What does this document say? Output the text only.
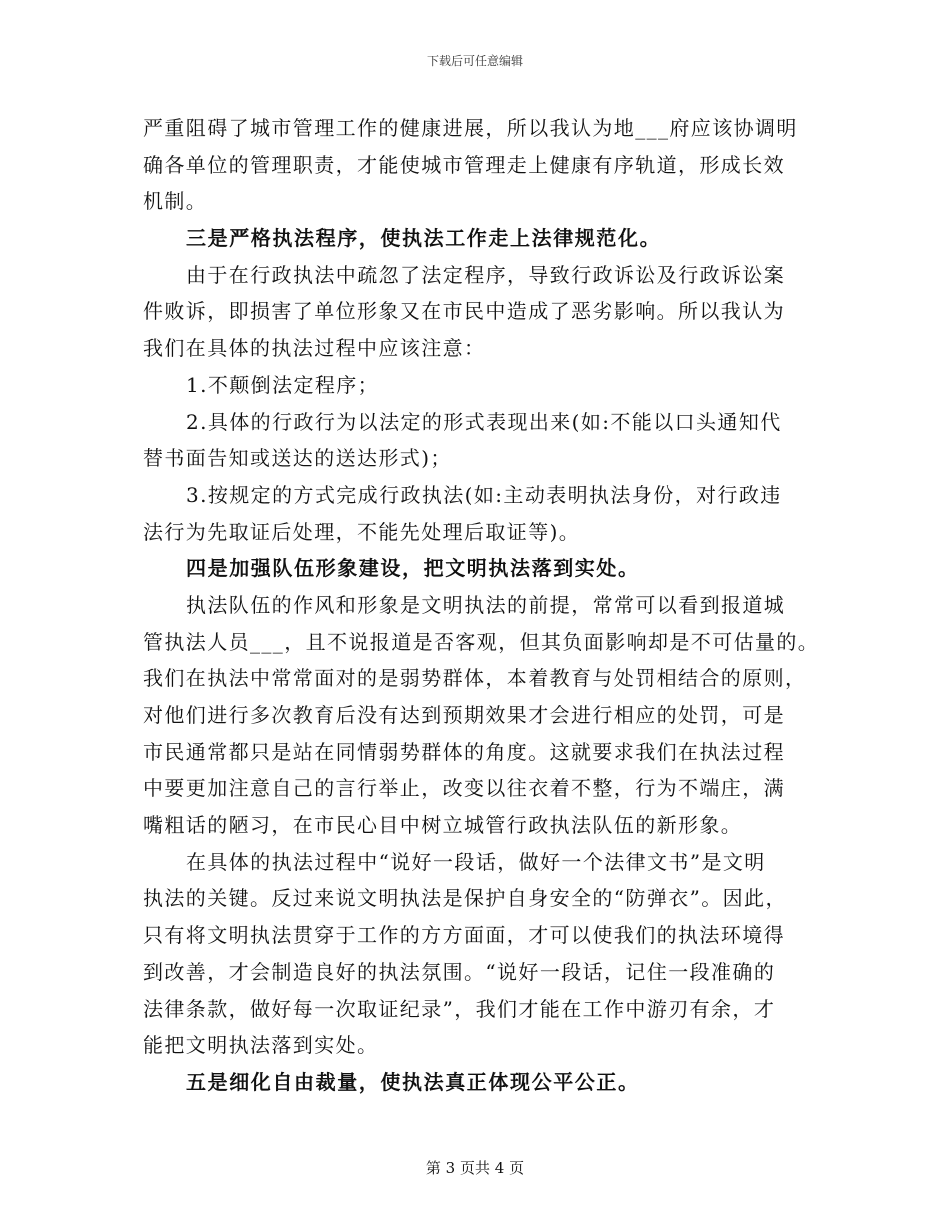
下载后可任意编辑
严重阻碍了城市管理工作的健康进展，所以我认为地___府应该协调明
确各单位的管理职责，才能使城市管理走上健康有序轨道，形成长效
机制。
三是严格执法程序，使执法工作走上法律规范化。
由于在行政执法中疏忽了法定程序，导致行政诉讼及行政诉讼案
件败诉，即损害了单位形象又在市民中造成了恶劣影响。所以我认为
我们在具体的执法过程中应该注意：
1.不颠倒法定程序；
2.具体的行政行为以法定的形式表现出来(如:不能以口头通知代
替书面告知或送达的送达形式)；
3.按规定的方式完成行政执法(如:主动表明执法身份，对行政违
法行为先取证后处理，不能先处理后取证等)。
四是加强队伍形象建设，把文明执法落到实处。
执法队伍的作风和形象是文明执法的前提，常常可以看到报道城
管执法人员___，且不说报道是否客观，但其负面影响却是不可估量的。
我们在执法中常常面对的是弱势群体，本着教育与处罚相结合的原则，
对他们进行多次教育后没有达到预期效果才会进行相应的处罚，可是
市民通常都只是站在同情弱势群体的角度。这就要求我们在执法过程
中要更加注意自己的言行举止，改变以往衣着不整，行为不端庄，满
嘴粗话的陋习，在市民心目中树立城管行政执法队伍的新形象。
在具体的执法过程中“说好一段话，做好一个法律文书”是文明
执法的关键。反过来说文明执法是保护自身安全的“防弹衣”。因此，
只有将文明执法贯穿于工作的方方面面，才可以使我们的执法环境得
到改善，才会制造良好的执法氛围。“说好一段话，记住一段准确的
法律条款，做好每一次取证纪录”，我们才能在工作中游刃有余，才
能把文明执法落到实处。
五是细化自由裁量，使执法真正体现公平公正。
第 3 页共 4 页
